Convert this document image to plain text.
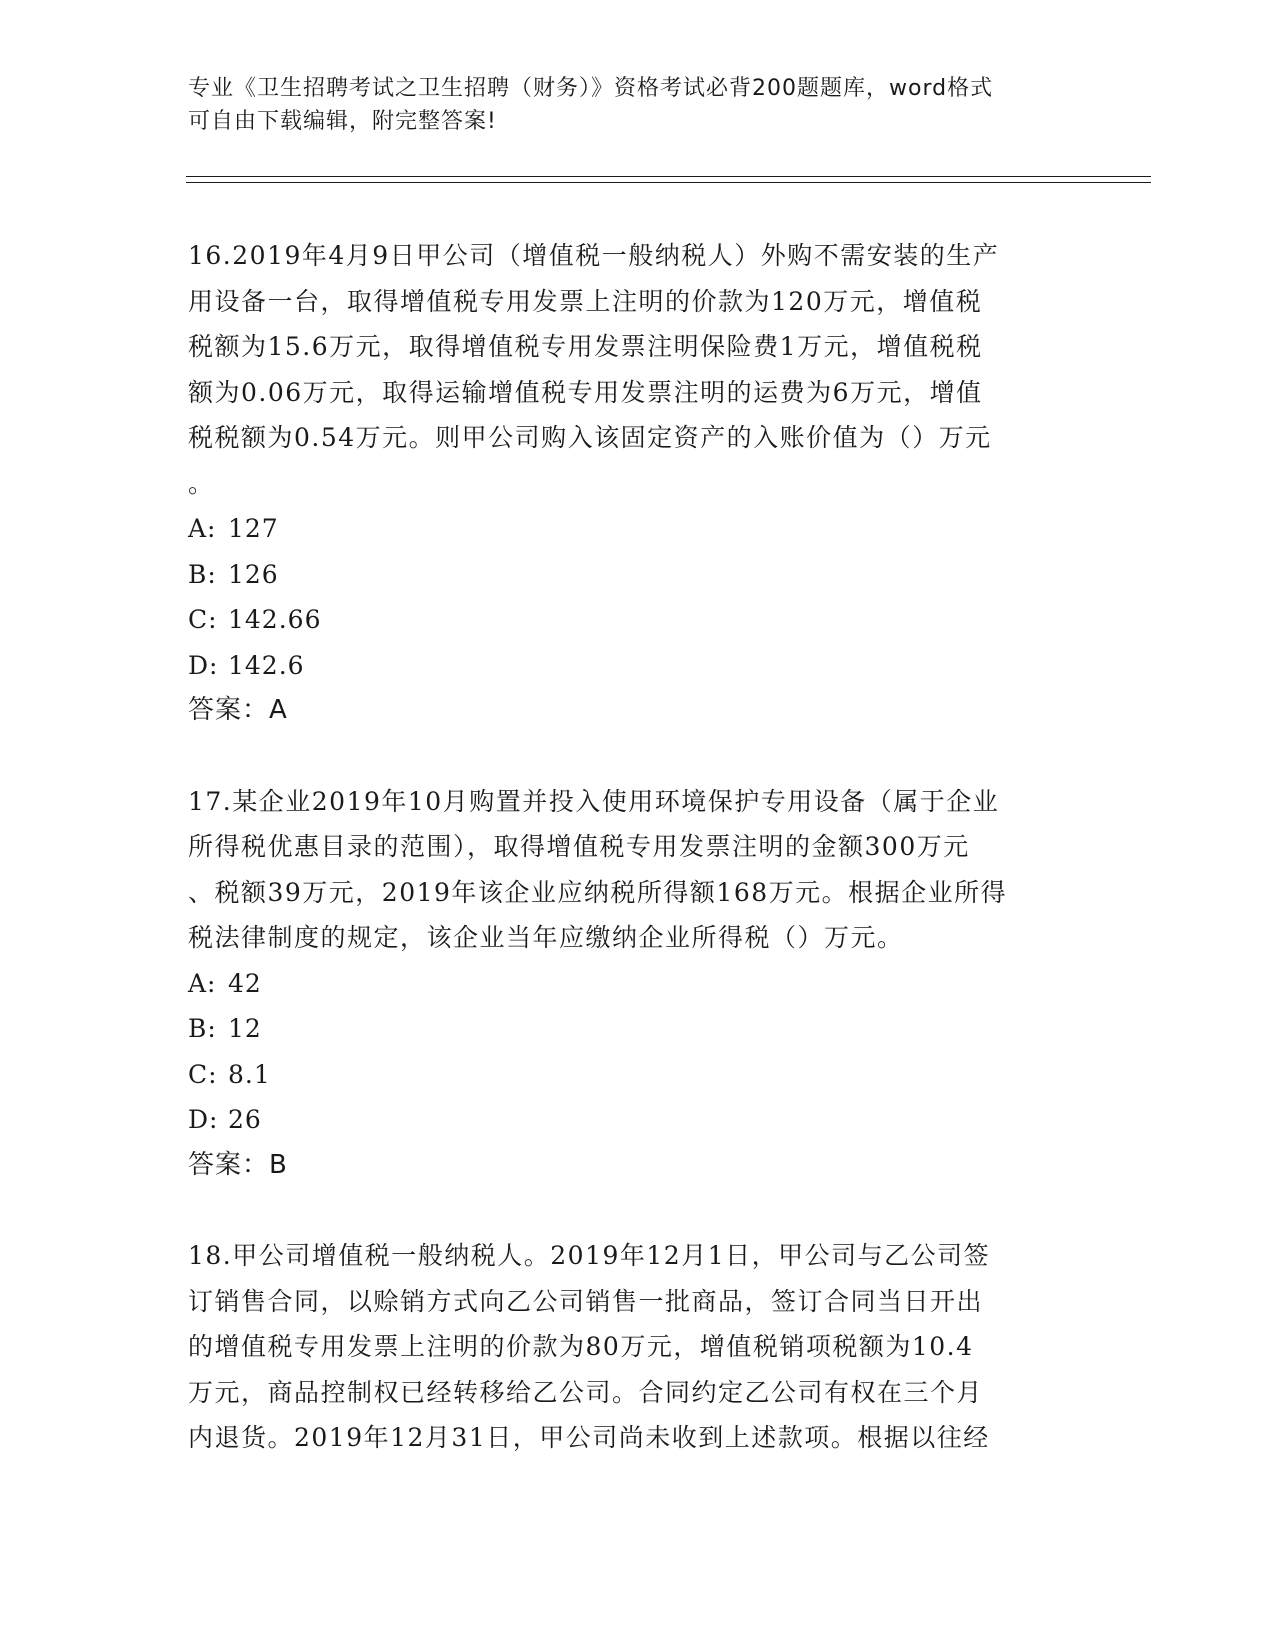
专业《卫生招聘考试之卫生招聘（财务）》资格考试必背200题题库，word格式
可自由下载编辑，附完整答案!

16.2019年4月9日甲公司（增值税一般纳税人）外购不需安装的生产
用设备一台，取得增值税专用发票上注明的价款为120万元，增值税
税额为15.6万元，取得增值税专用发票注明保险费1万元，增值税税
额为0.06万元，取得运输增值税专用发票注明的运费为6万元，增值
税税额为0.54万元。则甲公司购入该固定资产的入账价值为（）万元
。

A: 127

B: 126

C: 142.66

D: 142.6

答案：A

17.某企业2019年10月购置并投入使用环境保护专用设备（属于企业
所得税优惠目录的范围），取得增值税专用发票注明的金额300万元
、税额39万元，2019年该企业应纳税所得额168万元。根据企业所得
税法律制度的规定，该企业当年应缴纳企业所得税（）万元。

A: 42

B: 12

C: 8.1

D: 26

答案：B

18.甲公司增值税一般纳税人。2019年12月1日，甲公司与乙公司签
订销售合同，以赊销方式向乙公司销售一批商品，签订合同当日开出
的增值税专用发票上注明的价款为80万元，增值税销项税额为10.4
万元，商品控制权已经转移给乙公司。合同约定乙公司有权在三个月
内退货。2019年12月31日，甲公司尚未收到上述款项。根据以往经
